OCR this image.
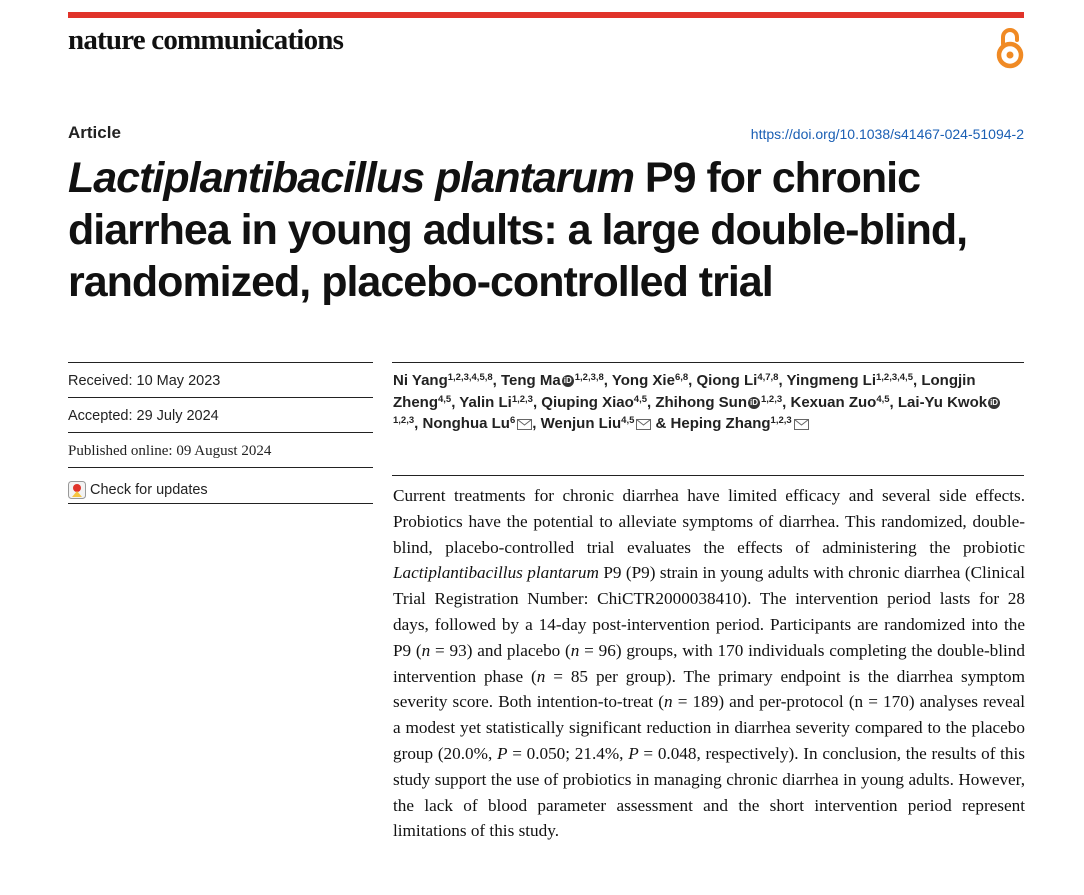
nature communications
Article	https://doi.org/10.1038/s41467-024-51094-2
Lactiplantibacillus plantarum P9 for chronic diarrhea in young adults: a large double-blind, randomized, placebo-controlled trial
Received: 10 May 2023
Accepted: 29 July 2024
Published online: 09 August 2024
Check for updates
Ni Yang$^{1,2,3,4,5,8}$, Teng Ma iD $^{1,2,3,8}$, Yong Xie$^{6,8}$, Qiong Li$^{4,7,8}$, Yingmeng Li$^{1,2,3,4,5}$, Longjin Zheng$^{4,5}$, Yalin Li$^{1,2,3}$, Qiuping Xiao$^{4,5}$, Zhihong Sun iD $^{1,2,3}$, Kexuan Zuo$^{4,5}$, Lai-Yu Kwok iD$^{1,2,3}$, Nonghua Lu$^6$ , Wenjun Liu$^{4,5}$ & Heping Zhang$^{1,2,3}$

Current treatments for chronic diarrhea have limited efficacy and several side effects. Probiotics have the potential to alleviate symptoms of diarrhea. This randomized, double-blind, placebo-controlled trial evaluates the effects of administering the probiotic Lactiplantibacillus plantarum P9 (P9) strain in young adults with chronic diarrhea (Clinical Trial Registration Number: ChiCTR2000038410). The intervention period lasts for 28 days, followed by a 14-day post-intervention period. Participants are randomized into the P9 (n = 93) and placebo (n = 96) groups, with 170 individuals completing the double-blind intervention phase (n = 85 per group). The primary endpoint is the diarrhea symptom severity score. Both intention-to-treat (n = 189) and per-protocol (n = 170) analyses reveal a modest yet statistically significant reduction in diarrhea severity compared to the placebo group (20.0%, P = 0.050; 21.4%, P = 0.048, respectively). In conclusion, the results of this study support the use of probiotics in managing chronic diarrhea in young adults. However, the lack of blood parameter assessment and the short intervention period represent limitations of this study.
